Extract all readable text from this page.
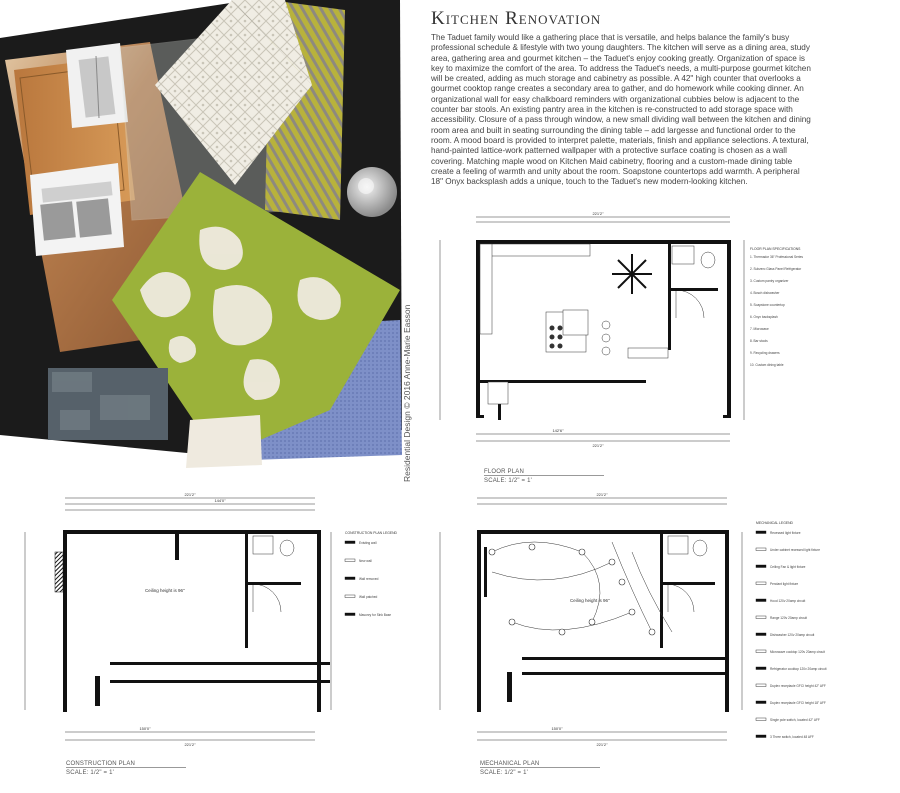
Kitchen Renovation
The Taduet family would like a gathering place that is versatile, and helps balance the family's busy professional schedule & lifestyle with two young daughters. The kitchen will serve as a dining area, study area, gathering area and gourmet kitchen – the Taduet's enjoy cooking greatly. Organization of space is key to maximize the comfort of the area. To address the Taduet's needs, a multi-purpose gourmet kitchen will be created, adding as much storage and cabinetry as possible. A 42" high counter that overlooks a gourmet cooktop range creates a secondary area to gather, and do homework while cooking dinner. An organizational wall for easy chalkboard reminders with organizational cubbies below is adjacent to the counter bar stools. An existing pantry area in the kitchen is re-constructed to add storage space with accessibility. Closure of a pass through window, a new small dividing wall between the kitchen and dining room area and built in seating surrounding the dining table – add largesse and functional order to the room. A mood board is provided to interpret palette, materials, finish and appliance selections. A textural, hand-painted lattice-work patterned wallpaper with a protective surface coating is chosen as a wall covering. Matching maple wood on Kitchen Maid cabinetry, flooring and a custom-made dining table create a feeling of warmth and unity about the room. Soapstone countertops add warmth. A peripheral 18" Onyx backsplash adds a unique, touch to the Taduet's new modern-looking kitchen.
Residential Design © 2016 Anne-Marie Easson
221'2"
221'2"
142'6"
FLOOR PLAN SPECIFICATIONS
1. Thermador 36" Professional Series
2. Subzero Glass Panel Refrigerator
3. Custom pantry organizer
4. Bosch dishwasher
5. Soapstone countertop
6. Onyx backsplash
7. Microwave
8. Bar stools
9. Recycling drawers
10. Custom dining table
FLOOR PLAN
SCALE: 1/2" = 1'
221'2"
144'0"
221'2"
150'0"
Ceiling height is 96"
CONSTRUCTION PLAN LEGEND
Existing wall
New wall
Wall removed
Wall patched
Masonry for Sink Base
CONSTRUCTION PLAN
SCALE: 1/2" = 1'
221'2"
221'2"
150'0"
Ceiling height is 96"
MECHANICAL LEGEND
Recessed light fixture
Under cabinet recessed light fixture
Ceiling Fan & light fixture
Pendant light fixture
Hood 120v 20amp circuit
Range 120v 20amp circuit
Dishwasher 120v 20amp circuit
Microwave cooktop 120v 20amp circuit
Refrigerator cooktop 120v 20amp circuit
Duplex receptacle GFCI height 42" AFF
Duplex receptacle GFCI height 18" AFF
Single pole switch, located 42" AFF
3 Three switch, located 48 AFF
MECHANICAL PLAN
SCALE: 1/2" = 1'
